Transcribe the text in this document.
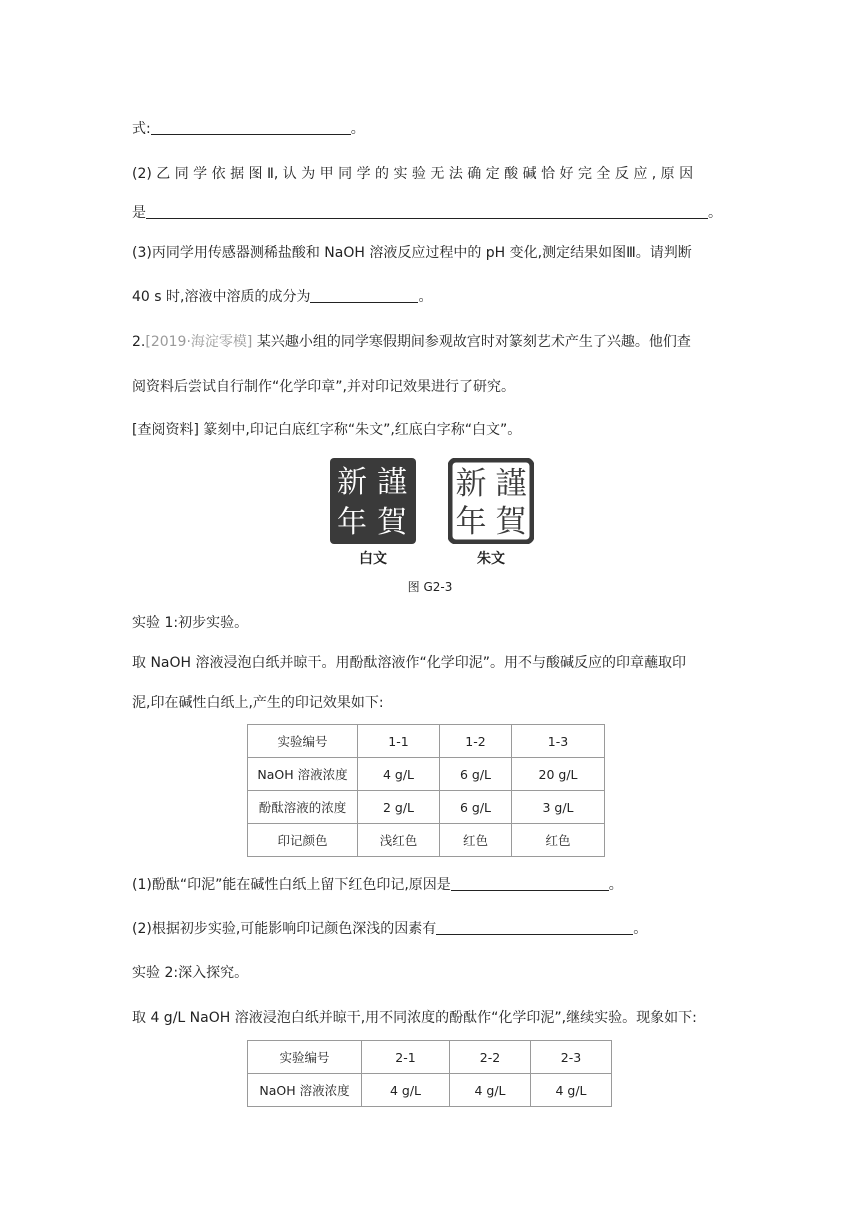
式:	。
(2) 乙 同 学 依 据 图 Ⅱ, 认 为 甲 同 学 的 实 验 无 法 确 定 酸 碱 恰 好 完 全 反 应 , 原 因
是	。
(3)丙同学用传感器测稀盐酸和 NaOH 溶液反应过程中的 pH 变化,测定结果如图Ⅲ。请判断
40 s 时,溶液中溶质的成分为	。
2.[2019·海淀零模] 某兴趣小组的同学寒假期间参观故宫时对篆刻艺术产生了兴趣。他们查
阅资料后尝试自行制作“化学印章”,并对印记效果进行了研究。
[查阅资料] 篆刻中,印记白底红字称“朱文”,红底白字称“白文”。
新 謹
年 賀
白文
新 謹
年 賀
朱文
图 G2-3
实验 1:初步实验。
取 NaOH 溶液浸泡白纸并晾干。用酚酞溶液作“化学印泥”。用不与酸碱反应的印章蘸取印
泥,印在碱性白纸上,产生的印记效果如下:
实验编号	1-1	1-2	1-3
NaOH 溶液浓度	4 g/L	6 g/L	20 g/L
酚酞溶液的浓度	2 g/L	6 g/L	3 g/L
印记颜色	浅红色	红色	红色
(1)酚酞“印泥”能在碱性白纸上留下红色印记,原因是	。
(2)根据初步实验,可能影响印记颜色深浅的因素有	。
实验 2:深入探究。
取 4 g/L NaOH 溶液浸泡白纸并晾干,用不同浓度的酚酞作“化学印泥”,继续实验。现象如下:
实验编号	2-1	2-2	2-3
NaOH 溶液浓度	4 g/L	4 g/L	4 g/L
